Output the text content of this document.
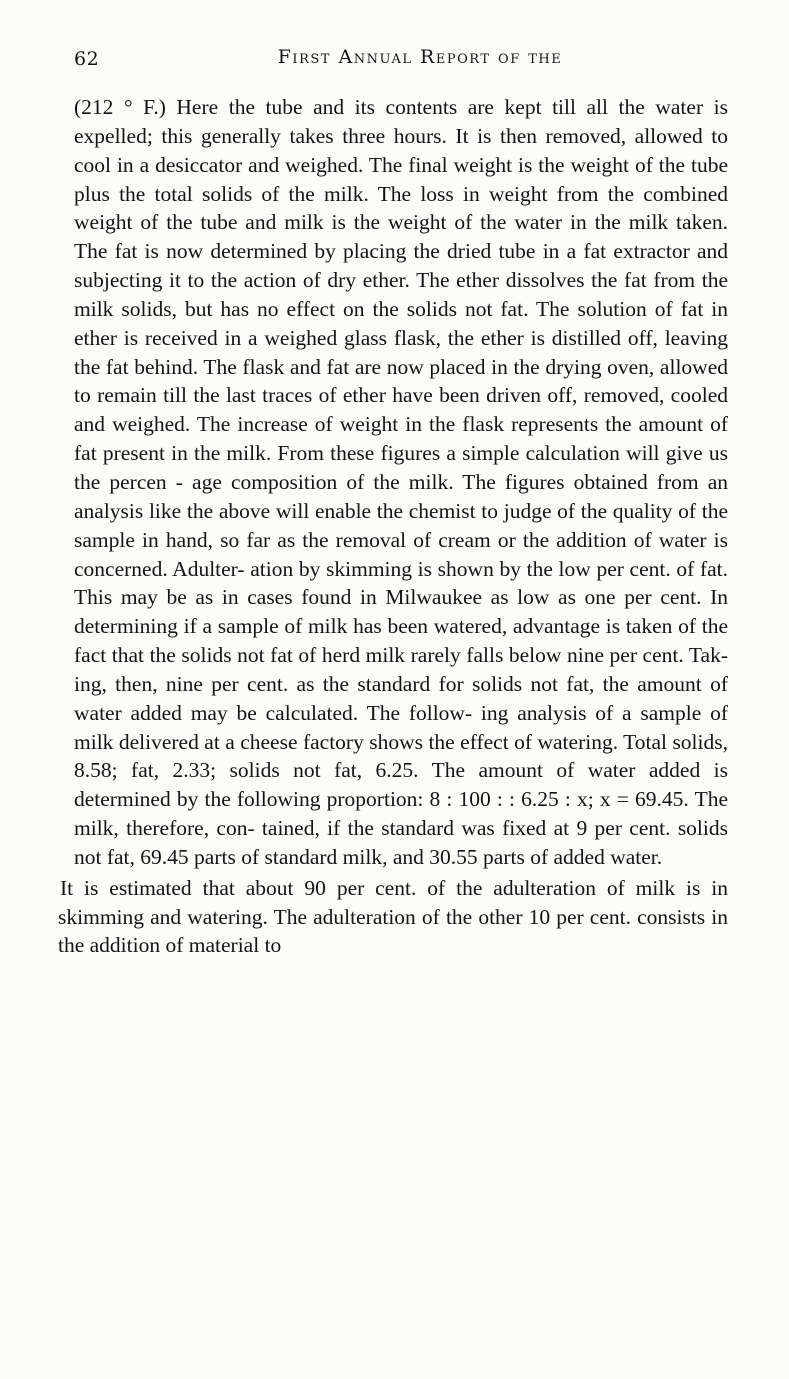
62	First Annual Report of the

(212 ° F.) Here the tube and its contents are kept till all the water is expelled; this generally takes three hours. It is then removed, allowed to cool in a desiccator and weighed. The final weight is the weight of the tube plus the total solids of the milk. The loss in weight from the combined weight of the tube and milk is the weight of the water in the milk taken. The fat is now determined by placing the dried tube in a fat extractor and subjecting it to the action of dry ether. The ether dissolves the fat from the milk solids, but has no effect on the solids not fat. The solution of fat in ether is received in a weighed glass flask, the ether is distilled off, leaving the fat behind. The flask and fat are now placed in the drying oven, allowed to remain till the last traces of ether have been driven off, removed, cooled and weighed. The increase of weight in the flask represents the amount of fat present in the milk. From these figures a simple calculation will give us the percen - age composition of the milk. The figures obtained from an analysis like the above will enable the chemist to judge of the quality of the sample in hand, so far as the removal of cream or the addition of water is concerned. Adulter- ation by skimming is shown by the low per cent. of fat. This may be as in cases found in Milwaukee as low as one per cent. In determining if a sample of milk has been watered, advantage is taken of the fact that the solids not fat of herd milk rarely falls below nine per cent. Tak- ing, then, nine per cent. as the standard for solids not fat, the amount of water added may be calculated. The follow- ing analysis of a sample of milk delivered at a cheese factory shows the effect of watering. Total solids, 8.58; fat, 2.33; solids not fat, 6.25. The amount of water added is determined by the following proportion: 8 : 100 : : 6.25 : x; x = 69.45. The milk, therefore, con- tained, if the standard was fixed at 9 per cent. solids not fat, 69.45 parts of standard milk, and 30.55 parts of added water.

It is estimated that about 90 per cent. of the adulteration of milk is in skimming and watering. The adulteration of the other 10 per cent. consists in the addition of material to
